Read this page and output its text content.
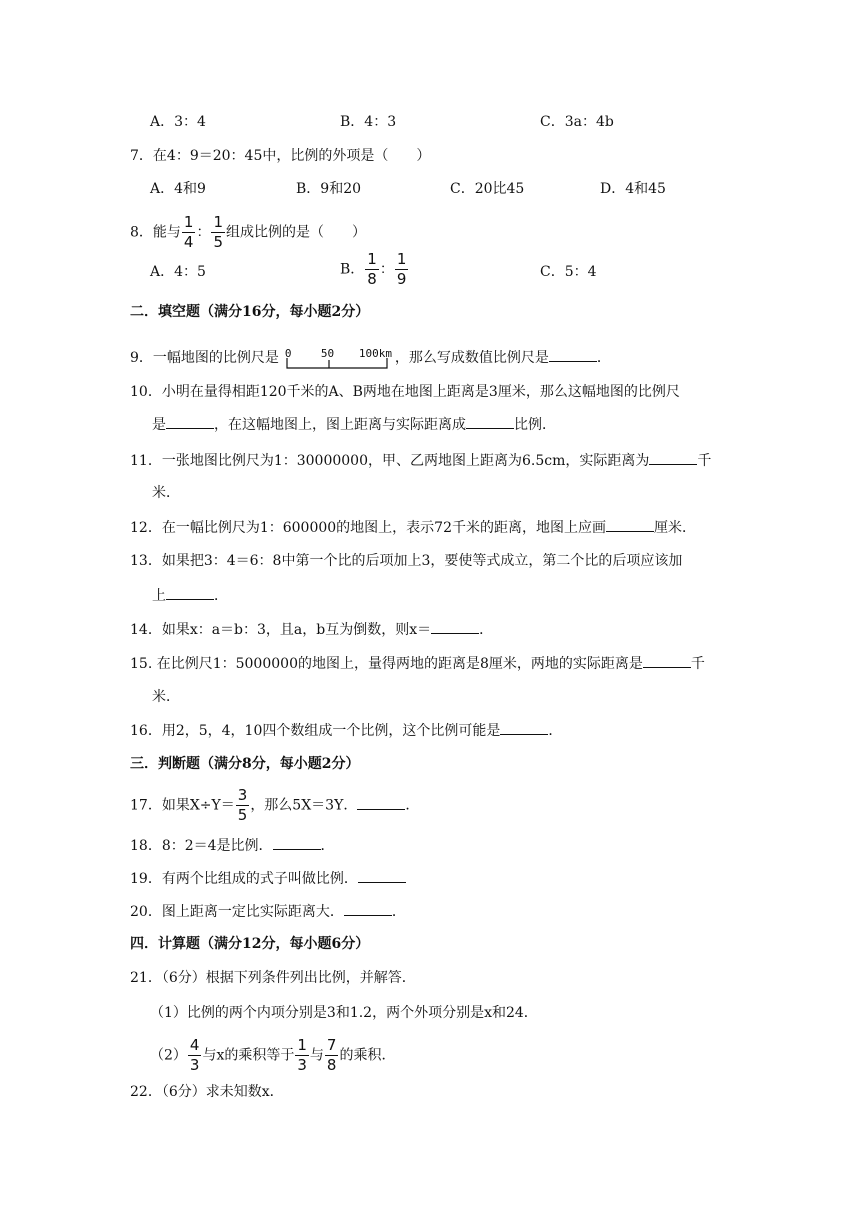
A．3：4	B．4：3	C．3a：4b
7．在4：9＝20：45中，比例的外项是（　　）
A．4和9	B．9和20	C．20比45	D．4和45
8．能与 $\frac{1}{4}$ ： $\frac{1}{5}$ 组成比例的是（　　）
A．4：5	B． $\frac{1}{8}$ ： $\frac{1}{9}$	C．5：4
二．填空题（满分16分，每小题2分）
9．一幅地图的比例尺是 0	50 100km ，那么写成数值比例尺是	．
10．小明在量得相距120千米的A、B两地在地图上距离是3厘米，那么这幅地图的比例尺
是	，在这幅地图上，图上距离与实际距离成	比例．
11．一张地图比例尺为1：30000000，甲、乙两地图上距离为6.5cm，实际距离为	千
米．
12．在一幅比例尺为1：600000的地图上，表示72千米的距离，地图上应画	厘米．
13．如果把3：4＝6：8中第一个比的后项加上3，要使等式成立，第二个比的后项应该加
上	．
14．如果x：a＝b：3，且a，b互为倒数，则x＝	．
15. 在比例尺1：5000000的地图上，量得两地的距离是8厘米，两地的实际距离是	千
米．
16．用2，5，4，10四个数组成一个比例，这个比例可能是	．
三．判断题（满分8分，每小题2分）
17．如果$X\div Y= \frac{3}{5}$ ，那么5X＝3Y．	．
18．8：2＝4是比例．	．
19．有两个比组成的式子叫做比例．
20．图上距离一定比实际距离大．	．
四．计算题（满分12分，每小题6分）
21．（6分）根据下列条件列出比例，并解答．
（1）比例的两个内项分别是3和1.2，两个外项分别是x和24．
$(2) \frac{4}{3}$ 与x的乘积等于 $\frac{1}{3}$ 与 $\frac{7}{8}$ 的乘积．
22．（6分）求未知数x．
